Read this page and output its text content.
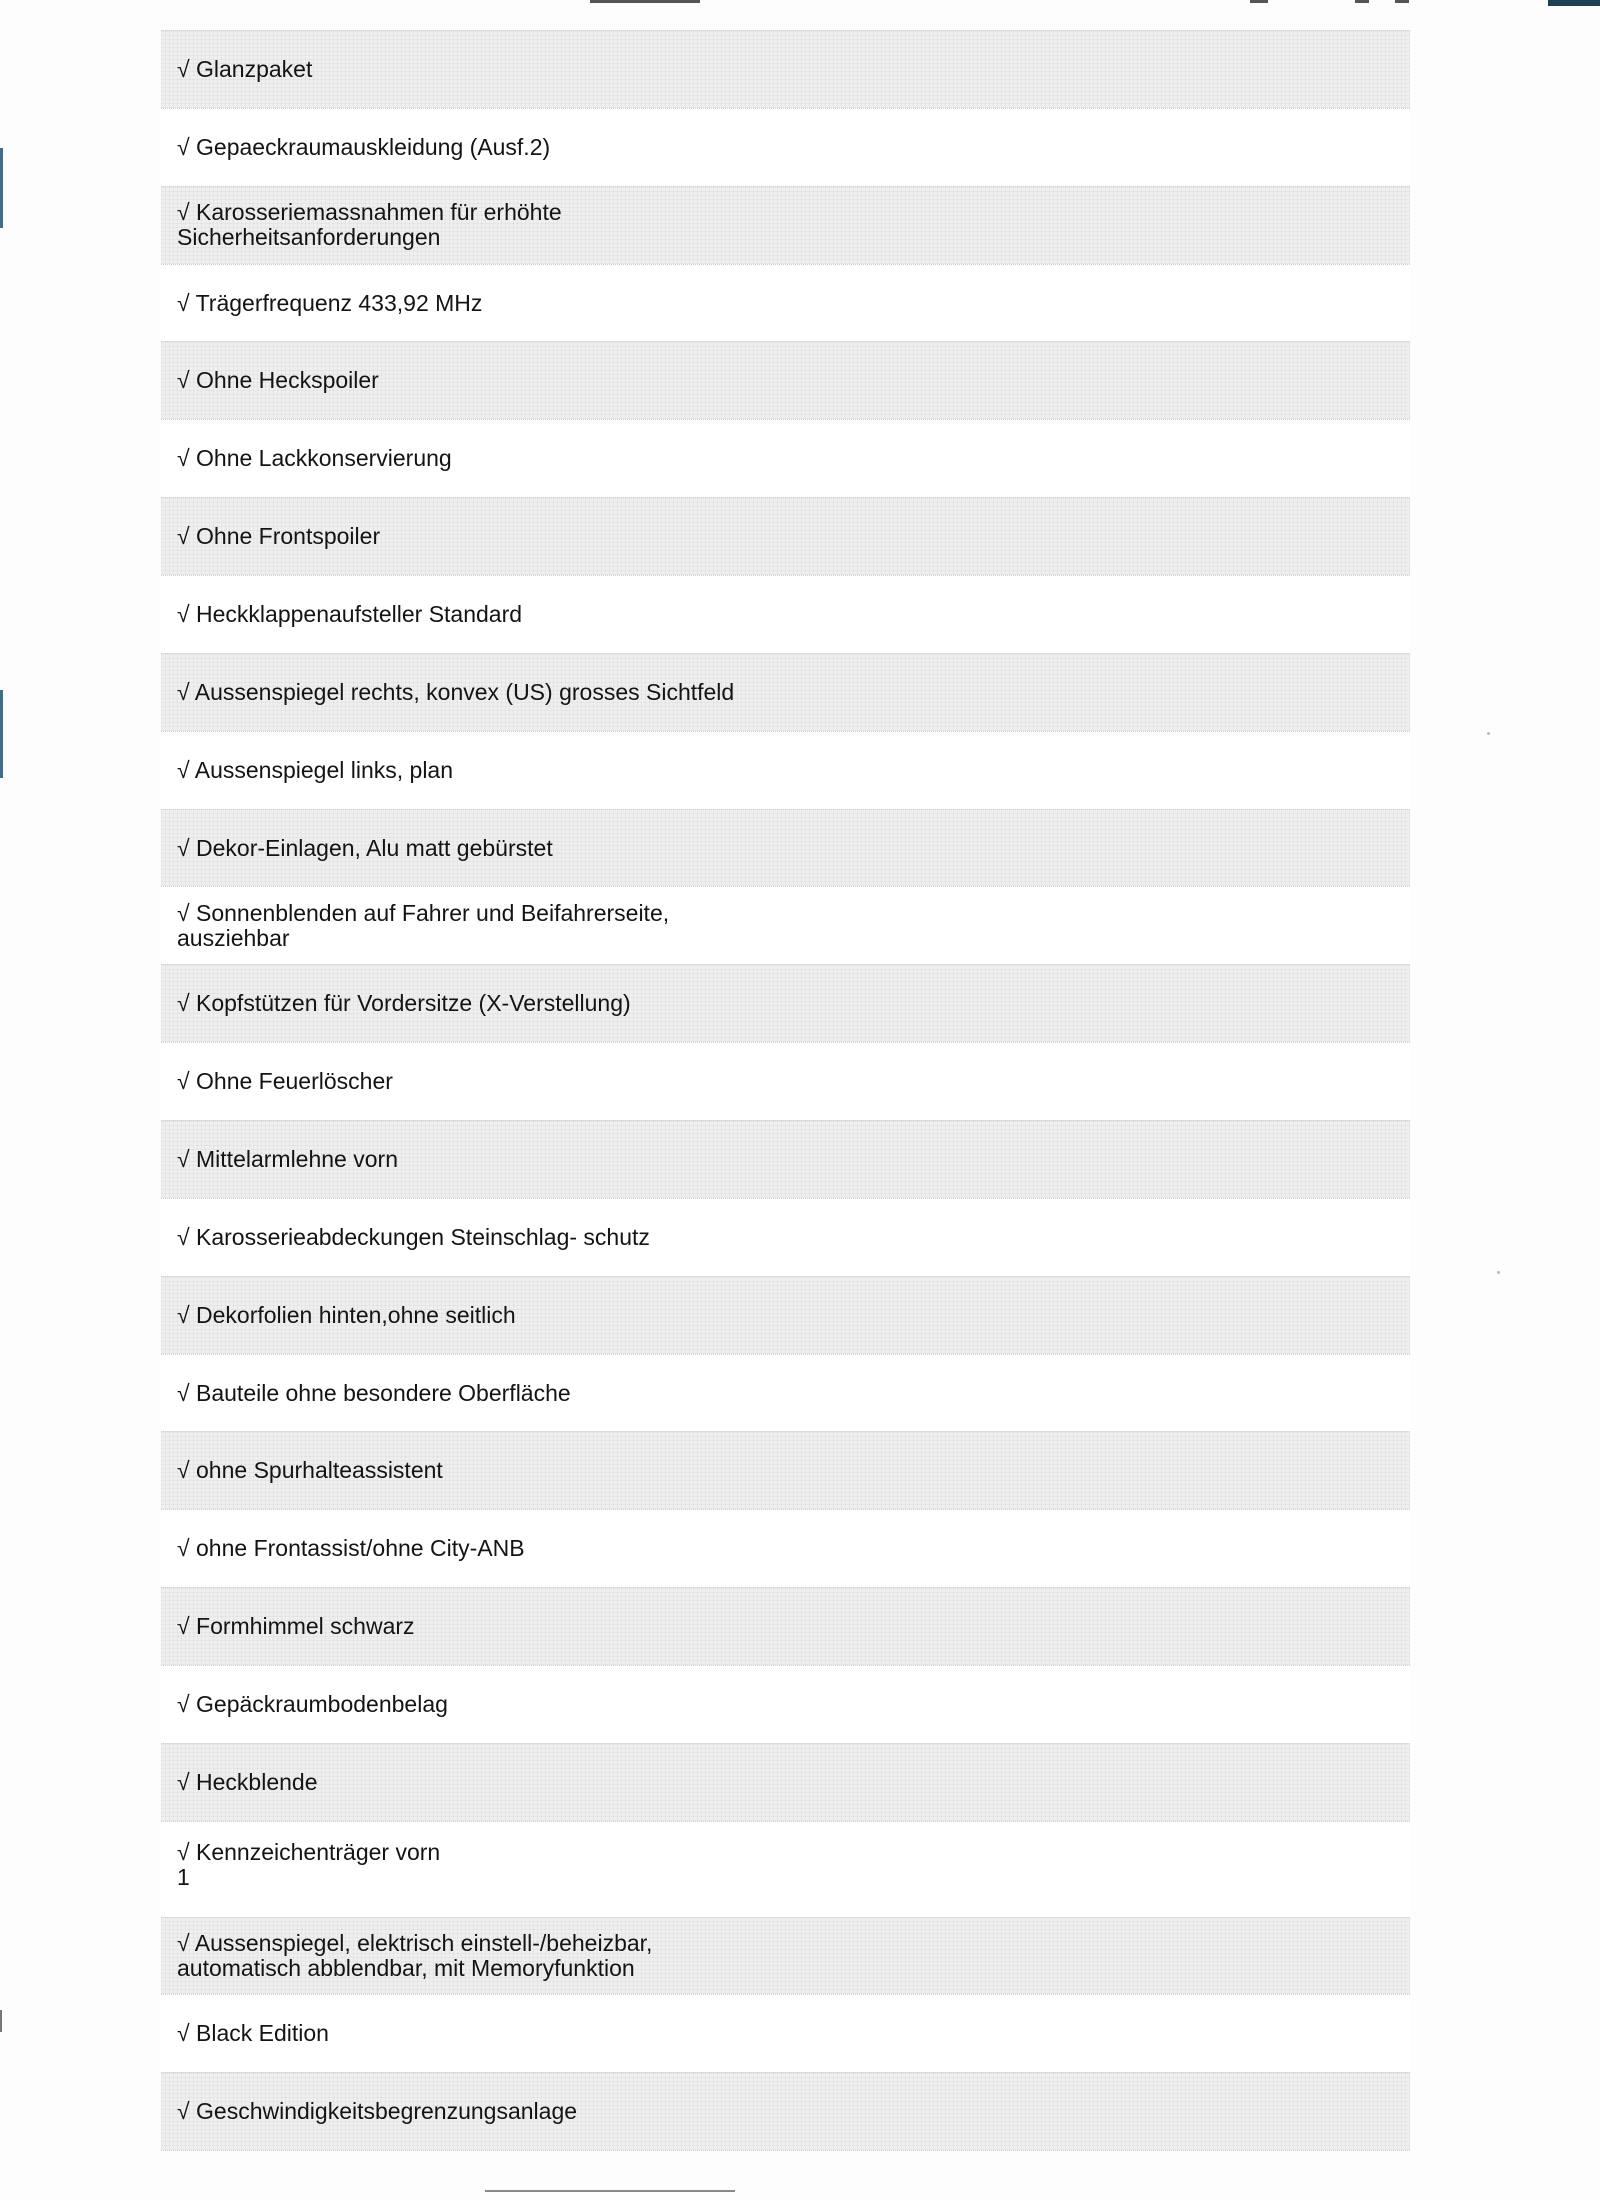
√ Glanzpaket
√ Gepaeckraumauskleidung (Ausf.2)
√ Karosseriemassnahmen für erhöhte
Sicherheitsanforderungen
√ Trägerfrequenz 433,92 MHz
√ Ohne Heckspoiler
√ Ohne Lackkonservierung
√ Ohne Frontspoiler
√ Heckklappenaufsteller Standard
√ Aussenspiegel rechts, konvex (US) grosses Sichtfeld
√ Aussenspiegel links, plan
√ Dekor-Einlagen, Alu matt gebürstet
√ Sonnenblenden auf Fahrer und Beifahrerseite,
ausziehbar
√ Kopfstützen für Vordersitze (X-Verstellung)
√ Ohne Feuerlöscher
√ Mittelarmlehne vorn
√ Karosserieabdeckungen Steinschlag- schutz
√ Dekorfolien hinten,ohne seitlich
√ Bauteile ohne besondere Oberfläche
√ ohne Spurhalteassistent
√ ohne Frontassist/ohne City-ANB
√ Formhimmel schwarz
√ Gepäckraumbodenbelag
√ Heckblende
√ Kennzeichenträger vorn
1
√ Aussenspiegel, elektrisch einstell-/beheizbar,
automatisch abblendbar, mit Memoryfunktion
√ Black Edition
√ Geschwindigkeitsbegrenzungsanlage
